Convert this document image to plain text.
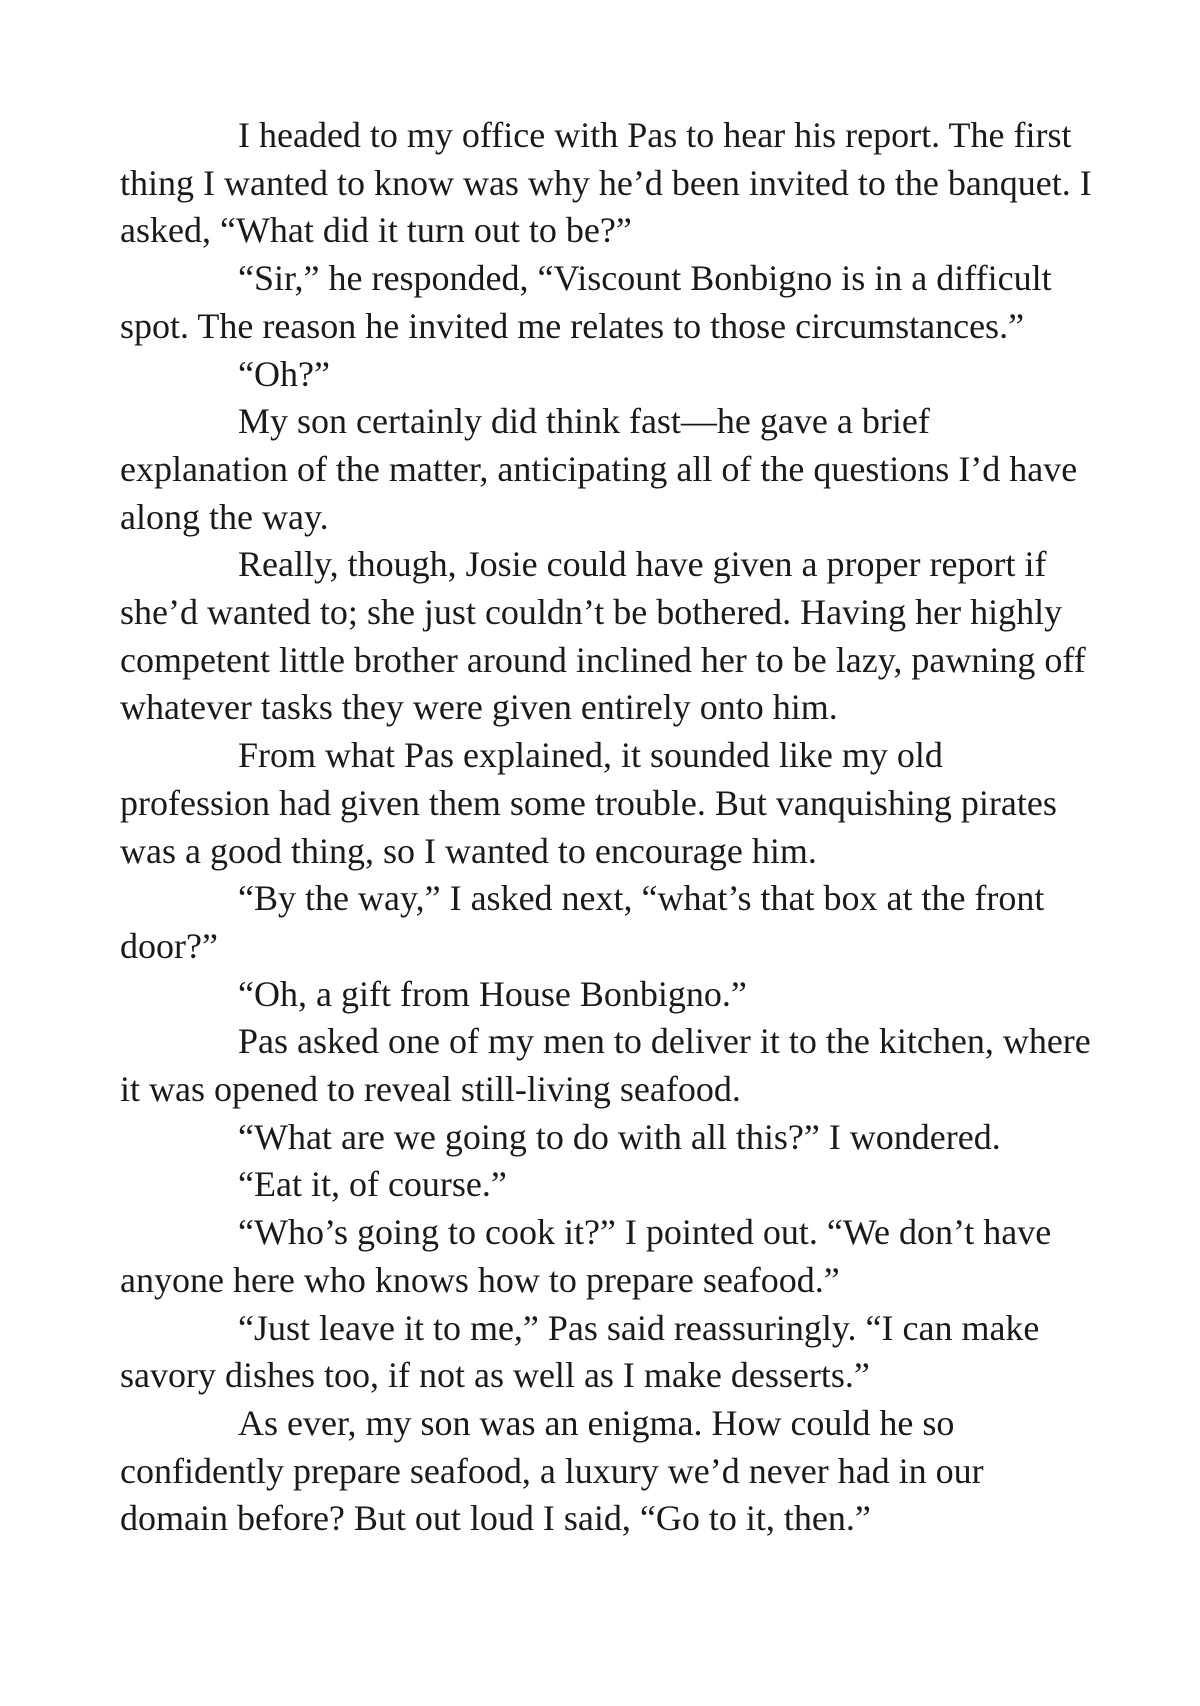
I headed to my office with Pas to hear his report. The first thing I wanted to know was why he’d been invited to the banquet. I asked, “What did it turn out to be?”

“Sir,” he responded, “Viscount Bonbigno is in a difficult spot. The reason he invited me relates to those circumstances.”

“Oh?”

My son certainly did think fast—he gave a brief explanation of the matter, anticipating all of the questions I’d have along the way.

Really, though, Josie could have given a proper report if she’d wanted to; she just couldn’t be bothered. Having her highly competent little brother around inclined her to be lazy, pawning off whatever tasks they were given entirely onto him.

From what Pas explained, it sounded like my old profession had given them some trouble. But vanquishing pirates was a good thing, so I wanted to encourage him.

“By the way,” I asked next, “what’s that box at the front door?”

“Oh, a gift from House Bonbigno.”

Pas asked one of my men to deliver it to the kitchen, where it was opened to reveal still-living seafood.

“What are we going to do with all this?” I wondered.

“Eat it, of course.”

“Who’s going to cook it?” I pointed out. “We don’t have anyone here who knows how to prepare seafood.”

“Just leave it to me,” Pas said reassuringly. “I can make savory dishes too, if not as well as I make desserts.”

As ever, my son was an enigma. How could he so confidently prepare seafood, a luxury we’d never had in our domain before? But out loud I said, “Go to it, then.”
